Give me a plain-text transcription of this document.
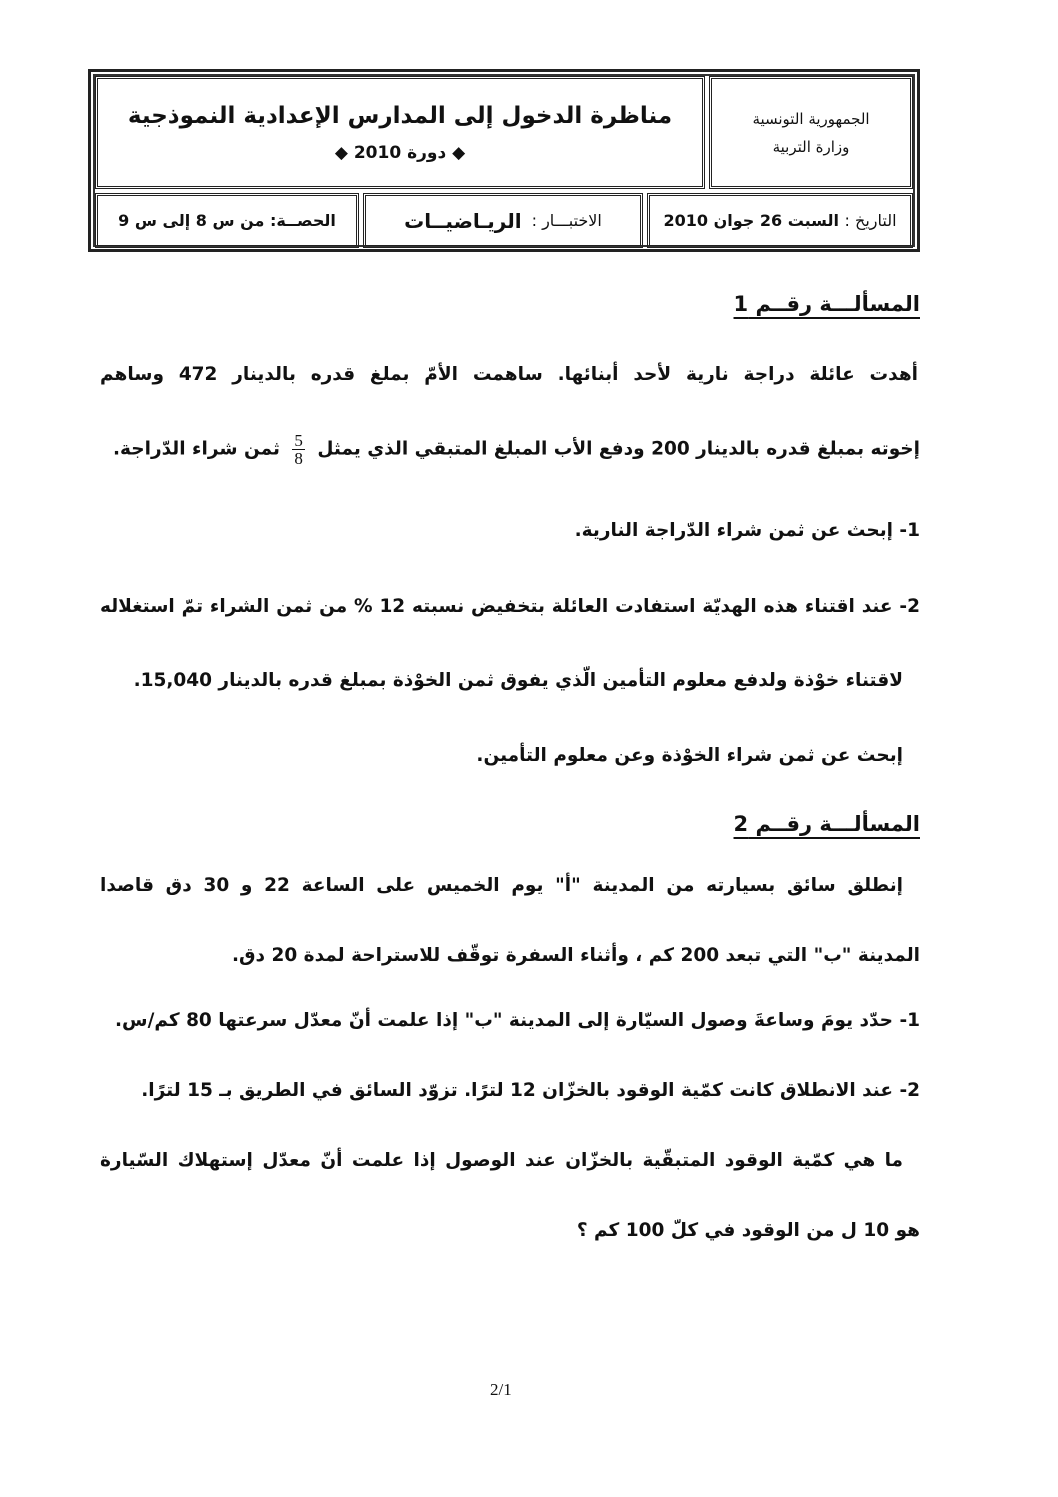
مناظرة الدخول إلى المدارس الإعدادية النموذجية
◆ دورة 2010 ◆
الجمهورية التونسية
وزارة التربية
الحصــة:

من س 8 إلى س 9	الاختبـــار :
الريـاضيــات	التاريخ :

السبت 26 جوان 2010
المسألـــة رقــم 1
أهدت عائلة دراجة نارية لأحد أبنائها. ساهمت الأمّ بملغ قدره بالدينار 472 وساهم
إخوته بمبلغ قدره بالدينار 200 ودفع الأب المبلغ المتبقي الذي يمثل
$\frac{5}{8}$
ثمن شراء الدّراجة.
1- إبحث عن ثمن شراء الدّراجة النارية.
2- عند اقتناء هذه الهديّة استفادت العائلة بتخفيض نسبته 12 % من ثمن الشراء تمّ استغلاله
لاقتناء خوْذة ولدفع معلوم التأمين الّذي يفوق ثمن الخوْذة بمبلغ قدره بالدينار 15,040.
إبحث عن ثمن شراء الخوْذة وعن معلوم التأمين.
المسألـــة رقــم 2
إنطلق سائق بسيارته من المدينة "أ" يوم الخميس على الساعة 22 و 30 دق قاصدا
المدينة "ب" التي تبعد 200 كم ، وأثناء السفرة توقّف للاستراحة لمدة 20 دق.
1- حدّد يومَ وساعةَ وصول السيّارة إلى المدينة "ب" إذا علمت أنّ معدّل سرعتها 80 كم/س.
2- عند الانطلاق كانت كمّية الوقود بالخزّان 12 لترًا. تزوّد السائق في الطريق بـ 15 لترًا.
ما هي كمّية الوقود المتبقّية بالخزّان عند الوصول إذا علمت أنّ معدّل إستهلاك السّيارة
هو 10 ل من الوقود في كلّ 100 كم ؟
2/1
